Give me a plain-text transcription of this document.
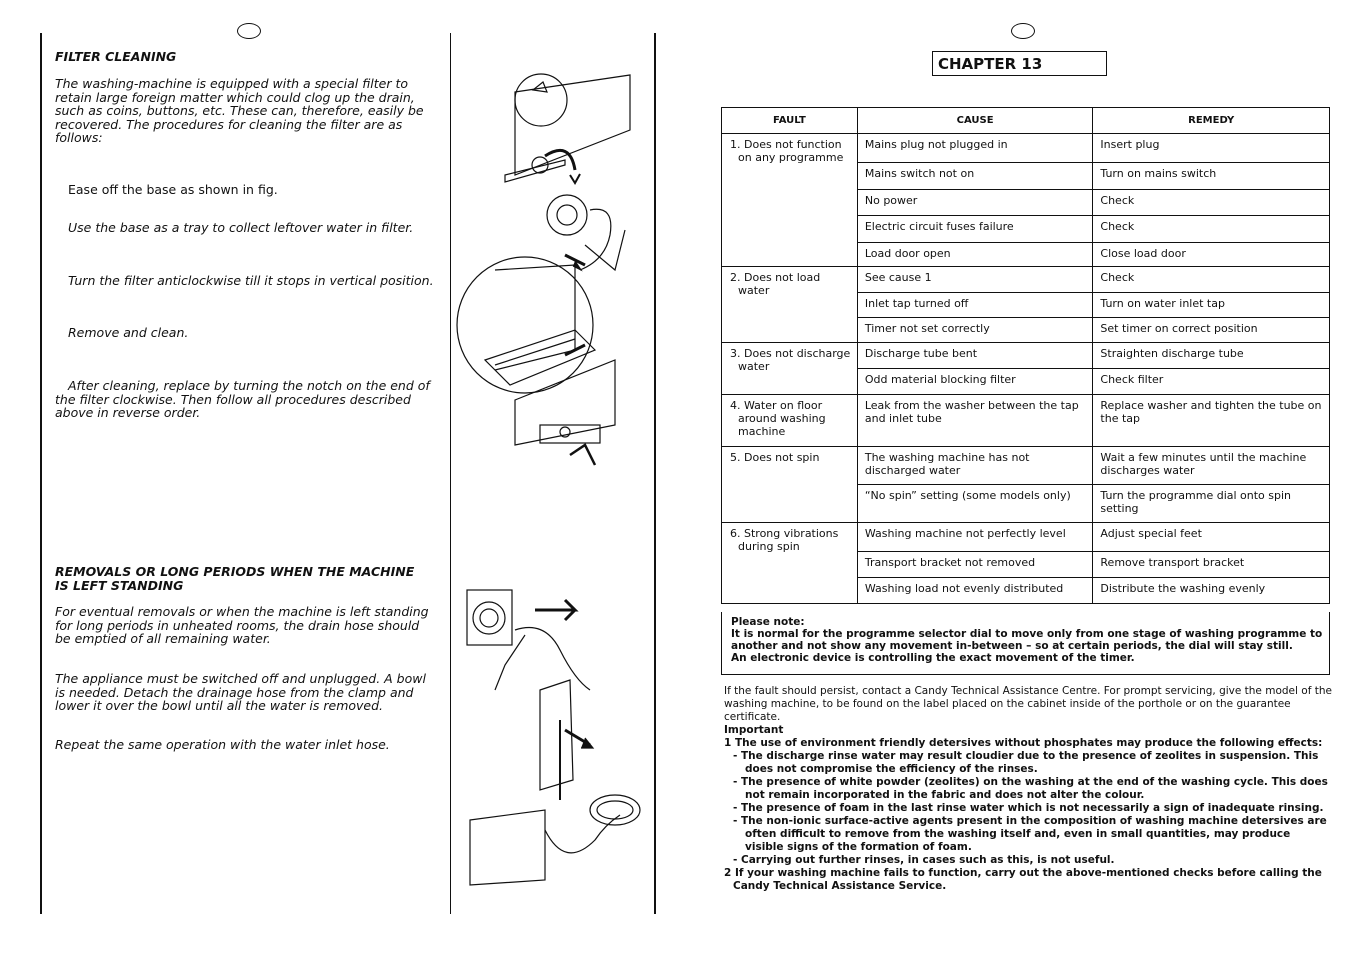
FILTER CLEANING
The washing-machine is equipped with a special filter to retain large foreign matter which could clog up the drain, such as coins, buttons, etc. These can, therefore, easily be recovered. The procedures for cleaning the filter are as follows:
Ease off the base as shown in fig.
Use the base as a tray to collect leftover water in filter.
Turn the filter anticlockwise till it stops in vertical position.
Remove and clean.
After cleaning, replace by turning the notch on the end of the filter clockwise. Then follow all procedures described above in reverse order.
REMOVALS OR LONG PERIODS WHEN THE MACHINE IS LEFT STANDING
For eventual removals or when the machine is left standing for long periods in unheated rooms, the drain hose should be emptied of all remaining water.
The appliance must be switched off and unplugged. A bowl is needed. Detach the drainage hose from the clamp and lower it over the bowl until all the water is removed.
Repeat the same operation with the water inlet hose.
CHAPTER 13
FAULT	CAUSE	REMEDY
1. Does not function on any programme	Mains plug not plugged in	Insert plug
	Mains switch not on	Turn on mains switch
	No power	Check
	Electric circuit fuses failure	Check
	Load door open	Close load door
2. Does not load water	See cause 1	Check
	Inlet tap turned off	Turn on water inlet tap
	Timer not set correctly	Set timer on correct position
3. Does not discharge water	Discharge tube bent	Straighten discharge tube
	Odd material blocking filter	Check filter
4. Water on floor around washing machine	Leak from the washer between the tap and inlet tube	Replace washer and tighten the tube on the tap
5. Does not spin	The washing machine has not discharged water	Wait a few minutes until the machine discharges water
	“No spin” setting (some models only)	Turn the programme dial onto spin setting
6. Strong vibrations during spin	Washing machine not perfectly level	Adjust special feet
	Transport bracket not removed	Remove transport bracket
	Washing load not evenly distributed	Distribute the washing evenly
Please note:
It is normal for the programme selector dial to move only from one stage of washing programme to another and not show any movement in-between – so at certain periods, the dial will stay still.
An electronic device is controlling the exact movement of the timer.
If the fault should persist, contact a Candy Technical Assistance Centre. For prompt servicing, give the model of the washing machine, to be found on the label placed on the cabinet inside of the porthole or on the guarantee certificate.
Important
1 The use of environment friendly detersives without phosphates may produce the following effects:
- The discharge rinse water may result cloudier due to the presence of zeolites in suspension. This does not compromise the efficiency of the rinses.
- The presence of white powder (zeolites) on the washing at the end of the washing cycle. This does not remain incorporated in the fabric and does not alter the colour.
- The presence of foam in the last rinse water which is not necessarily a sign of inadequate rinsing.
- The non-ionic surface-active agents present in the composition of washing machine detersives are often difficult to remove from the washing itself and, even in small quantities, may produce visible signs of the formation of foam.
- Carrying out further rinses, in cases such as this, is not useful.
2 If your washing machine fails to function, carry out the above-mentioned checks before calling the Candy Technical Assistance Service.
